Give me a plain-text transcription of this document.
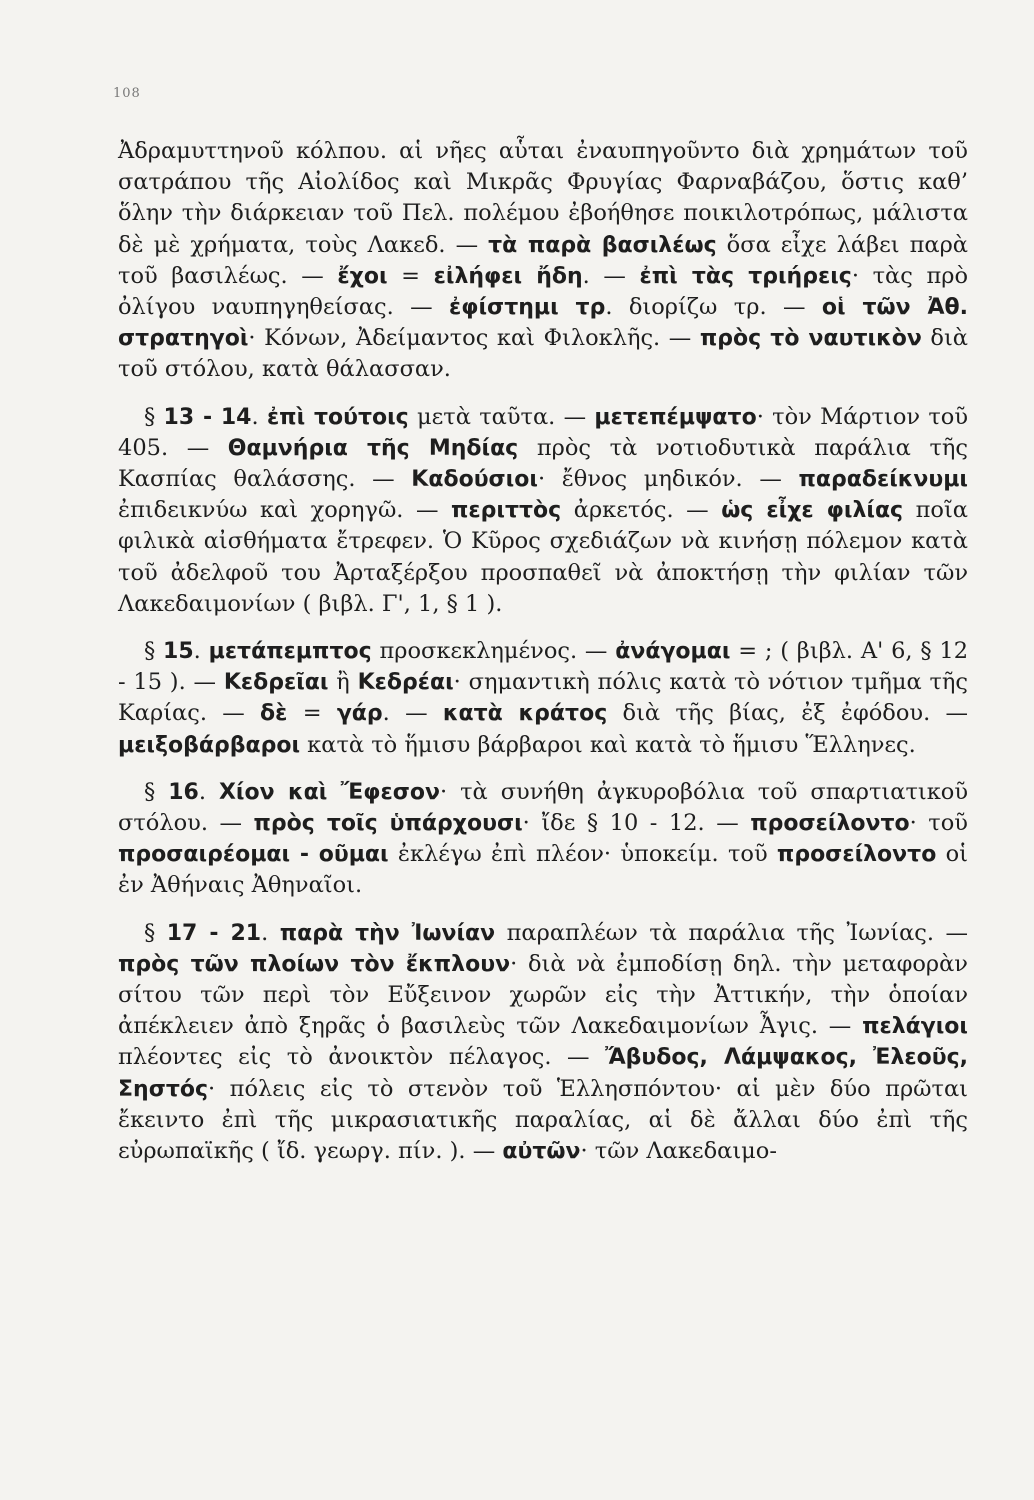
108

Ἀδραμυττηνοῦ κόλπου. αἱ νῆες αὗται ἐναυπηγοῦντο διὰ χρημάτων τοῦ σατράπου τῆς Αἰολίδος καὶ Μικρᾶς Φρυγίας Φαρναβάζου, ὅστις καθ’ ὅλην τὴν διάρκειαν τοῦ Πελ. πολέμου ἐβοήθησε ποικιλοτρόπως, μάλιστα δὲ μὲ χρήματα, τοὺς Λακεδ. — τὰ παρὰ βασιλέως ὅσα εἶχε λάβει παρὰ τοῦ βασιλέως. — ἔχοι = εἰλήφει ἤδη. — ἐπὶ τὰς τριήρεις· τὰς πρὸ ὀλίγου ναυπηγηθείσας. — ἐφίστημι τρ. διορίζω τρ. — οἱ τῶν Ἀθ. στρατηγοὶ· Κόνων, Ἀδείμαντος καὶ Φιλοκλῆς. — πρὸς τὸ ναυτικὸν διὰ τοῦ στόλου, κατὰ θάλασσαν.

§ 13 - 14. ἐπὶ τούτοις μετὰ ταῦτα. — μετεπέμψατο· τὸν Μάρτιον τοῦ 405. — Θαμνήρια τῆς Μηδίας πρὸς τὰ νοτιοδυτικὰ παράλια τῆς Κασπίας θαλάσσης. — Καδούσιοι· ἔθνος μηδικόν. — παραδείκνυμι ἐπιδεικνύω καὶ χορηγῶ. — περιττὸς ἀρκετός. — ὡς εἶχε φιλίας ποῖα φιλικὰ αἰσθήματα ἔτρεφεν. Ὁ Κῦρος σχεδιάζων νὰ κινήσῃ πόλεμον κατὰ τοῦ ἀδελφοῦ του Ἀρταξέρξου προσπαθεῖ νὰ ἀποκτήσῃ τὴν φιλίαν τῶν Λακεδαιμονίων ( βιβλ. Γ', 1, § 1 ).

§ 15. μετάπεμπτος προσκεκλημένος. — ἀνάγομαι = ; ( βιβλ. Α' 6, § 12 - 15 ). — Κεδρεῖαι ἢ Κεδρέαι· σημαντικὴ πόλις κατὰ τὸ νότιον τμῆμα τῆς Καρίας. — δὲ = γάρ. — κατὰ κράτος διὰ τῆς βίας, ἐξ ἐφόδου. — μειξοβάρβαροι κατὰ τὸ ἥμισυ βάρβαροι καὶ κατὰ τὸ ἥμισυ Ἕλληνες.

§ 16. Χίον καὶ Ἔφεσον· τὰ συνήθη ἀγκυροβόλια τοῦ σπαρτιατικοῦ στόλου. — πρὸς τοῖς ὑπάρχουσι· ἴδε § 10 - 12. — προσείλοντο· τοῦ προσαιρέομαι - οῦμαι ἐκλέγω ἐπὶ πλέον· ὑποκείμ. τοῦ προσείλοντο οἱ ἐν Ἀθήναις Ἀθηναῖοι.

§ 17 - 21. παρὰ τὴν Ἰωνίαν παραπλέων τὰ παράλια τῆς Ἰωνίας. — πρὸς τῶν πλοίων τὸν ἔκπλουν· διὰ νὰ ἐμποδίσῃ δηλ. τὴν μεταφορὰν σίτου τῶν περὶ τὸν Εὔξεινον χωρῶν εἰς τὴν Ἀττικήν, τὴν ὁποίαν ἀπέκλειεν ἀπὸ ξηρᾶς ὁ βασιλεὺς τῶν Λακεδαιμονίων Ἆγις. — πελάγιοι πλέοντες εἰς τὸ ἀνοικτὸν πέλαγος. — Ἄβυδος, Λάμψακος, Ἐλεοῦς, Σηστός· πόλεις εἰς τὸ στενὸν τοῦ Ἑλλησπόντου· αἱ μὲν δύο πρῶται ἔκειντο ἐπὶ τῆς μικρασιατικῆς παραλίας, αἱ δὲ ἄλλαι δύο ἐπὶ τῆς εὐρωπαϊκῆς ( ἴδ. γεωργ. πίν. ). — αὐτῶν· τῶν Λακεδαιμο-
